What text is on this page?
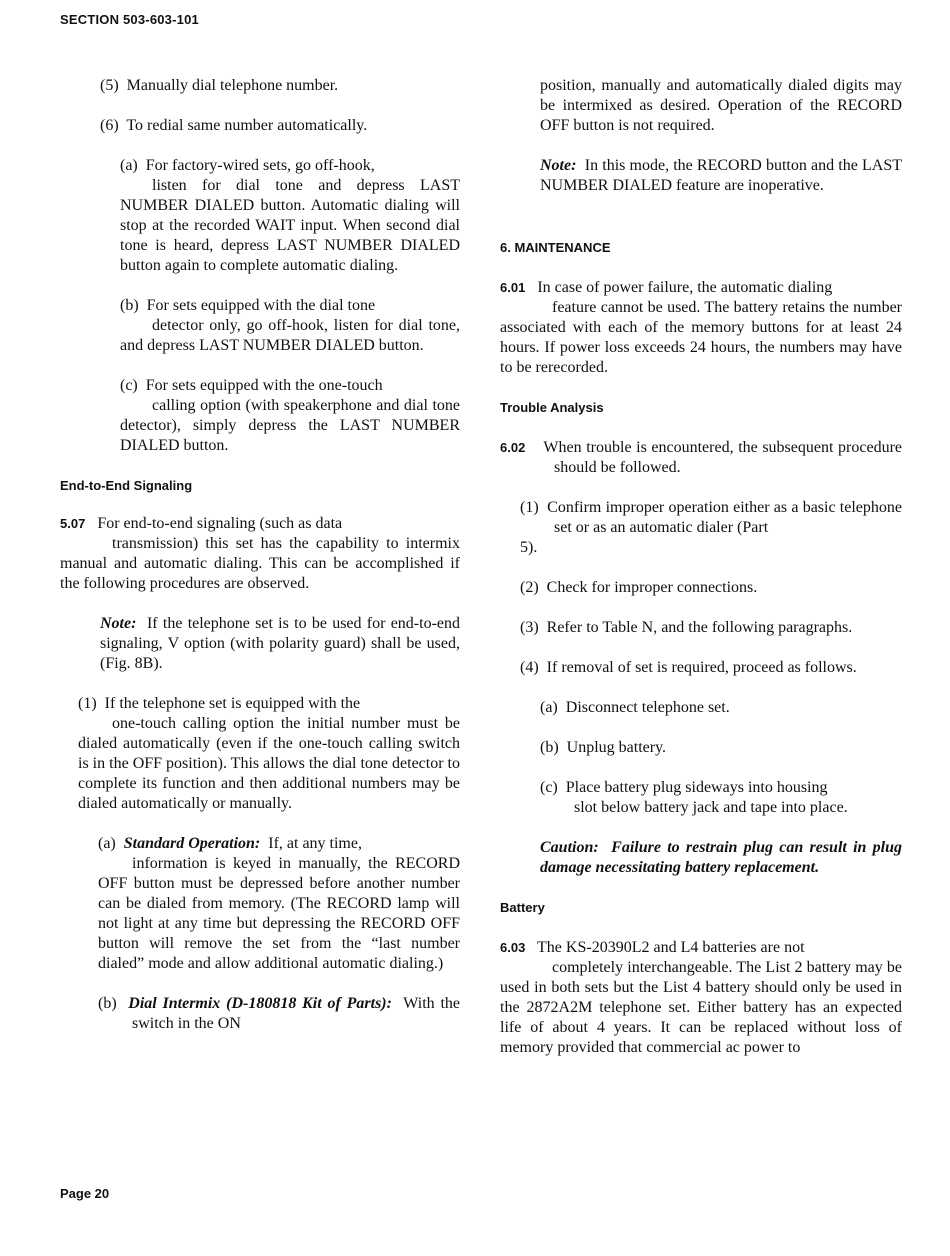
SECTION 503-603-101

(5) Manually dial telephone number.

(6) To redial same number automatically.

(a) For factory-wired sets, go off-hook,

listen for dial tone and depress LAST NUMBER DIALED button. Automatic dialing will stop at the recorded WAIT input. When second dial tone is heard, depress LAST NUMBER DIALED button again to complete automatic dialing.

(b) For sets equipped with the dial tone

detector only, go off-hook, listen for dial tone, and depress LAST NUMBER DIALED button.

(c) For sets equipped with the one-touch

calling option (with speakerphone and dial tone detector), simply depress the LAST NUMBER DIALED button.

End-to-End Signaling

5.07 For end-to-end signaling (such as data

transmission) this set has the capability to intermix manual and automatic dialing. This can be accomplished if the following procedures are observed.

Note: If the telephone set is to be used for end-to-end signaling, V option (with polarity guard) shall be used, (Fig. 8B).

(1) If the telephone set is equipped with the

one-touch calling option the initial number must be dialed automatically (even if the one-touch calling switch is in the OFF position). This allows the dial tone detector to complete its function and then additional numbers may be dialed automatically or manually.

(a) Standard Operation: If, at any time,

information is keyed in manually, the RECORD OFF button must be depressed before another number can be dialed from memory. (The RECORD lamp will not light at any time but depressing the RECORD OFF button will remove the set from the “last number dialed” mode and allow additional automatic dialing.)

(b) Dial Intermix (D-180818 Kit of Parts): With the switch in the ON

position, manually and automatically dialed digits may be intermixed as desired. Operation of the RECORD OFF button is not required.

Note: In this mode, the RECORD button and the LAST NUMBER DIALED feature are inoperative.

6. MAINTENANCE

6.01 In case of power failure, the automatic dialing

feature cannot be used. The battery retains the number associated with each of the memory buttons for at least 24 hours. If power loss exceeds 24 hours, the numbers may have to be rerecorded.

Trouble Analysis

6.02 When trouble is encountered, the subsequent procedure should be followed.

(1) Confirm improper operation either as a basic telephone set or as an automatic dialer (Part

5).

(2) Check for improper connections.

(3) Refer to Table N, and the following paragraphs.

(4) If removal of set is required, proceed as follows.

(a) Disconnect telephone set.

(b) Unplug battery.

(c) Place battery plug sideways into housing

slot below battery jack and tape into place.

Caution: Failure to restrain plug can result in plug damage necessitating battery replacement.

Battery

6.03 The KS-20390L2 and L4 batteries are not

completely interchangeable. The List 2 battery may be used in both sets but the List 4 battery should only be used in the 2872A2M telephone set. Either battery has an expected life of about 4 years. It can be replaced without loss of memory provided that commercial ac power to

Page 20
